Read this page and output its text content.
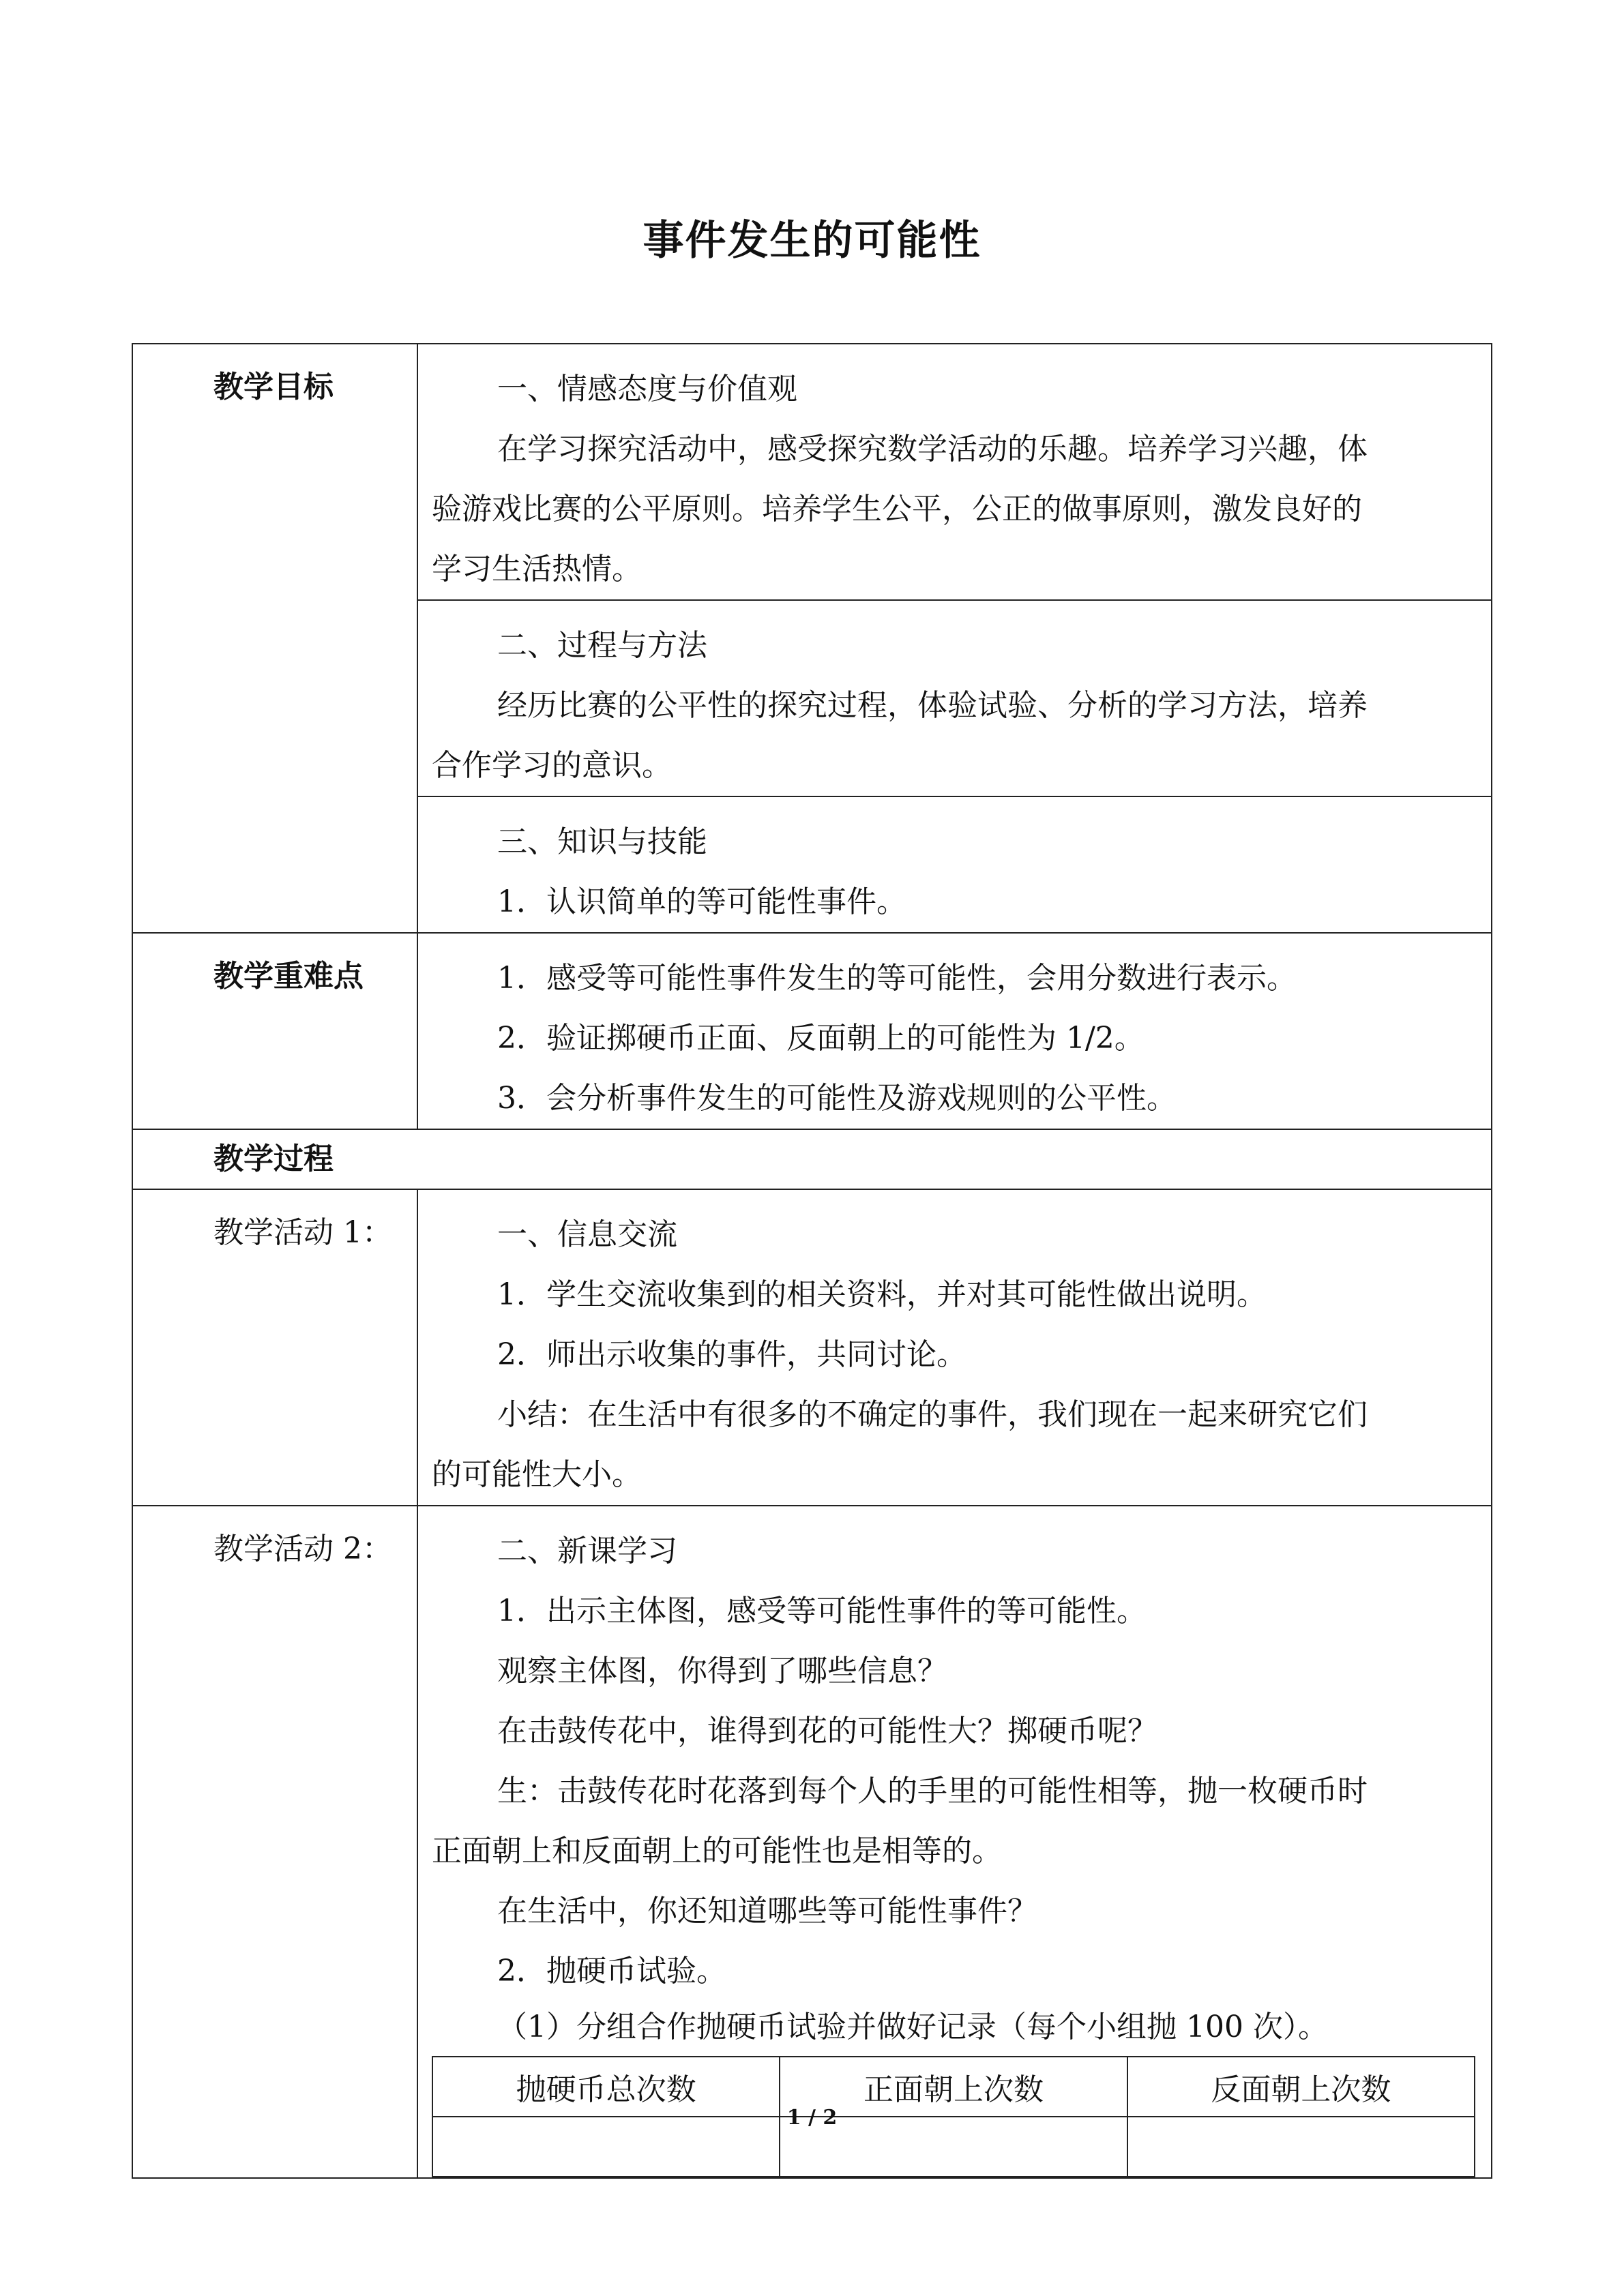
事件发生的可能性
教学目标	一、情感态度与价值观

在学习探究活动中，感受探究数学活动的乐趣。培养学习兴趣，体

验游戏比赛的公平原则。培养学生公平，公正的做事原则，激发良好的

学习生活热情。

二、过程与方法

经历比赛的公平性的探究过程，体验试验、分析的学习方法，培养

合作学习的意识。

三、知识与技能

1．认识简单的等可能性事件。

教学重难点	1．感受等可能性事件发生的等可能性，会用分数进行表示。

2．验证掷硬币正面、反面朝上的可能性为 1/2。

3．会分析事件发生的可能性及游戏规则的公平性。

教学过程
教学活动 1：	一、信息交流

1．学生交流收集到的相关资料，并对其可能性做出说明。

2．师出示收集的事件，共同讨论。

小结：在生活中有很多的不确定的事件，我们现在一起来研究它们

的可能性大小。

教学活动 2：	二、新课学习

1．出示主体图，感受等可能性事件的等可能性。

观察主体图，你得到了哪些信息？

在击鼓传花中，谁得到花的可能性大？掷硬币呢？

生：击鼓传花时花落到每个人的手里的可能性相等，抛一枚硬币时

正面朝上和反面朝上的可能性也是相等的。

在生活中，你还知道哪些等可能性事件？

2．抛硬币试验。

（1）分组合作抛硬币试验并做好记录（每个小组抛 100 次）。

抛硬币总次数	正面朝上次数	反面朝上次数

1 / 2
